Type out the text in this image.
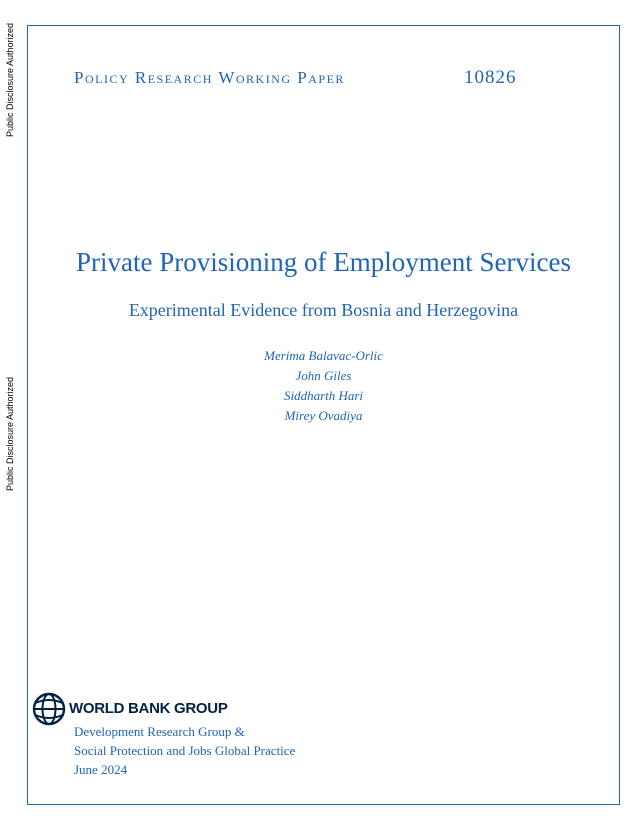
Public Disclosure Authorized
Public Disclosure Authorized
Policy Research Working Paper	10826
Private Provisioning of Employment Services
Experimental Evidence from Bosnia and Herzegovina
Merima Balavac-Orlic
John Giles
Siddharth Hari
Mirey Ovadiya
WORLD BANK GROUP
Development Research Group &
Social Protection and Jobs Global Practice
June 2024
